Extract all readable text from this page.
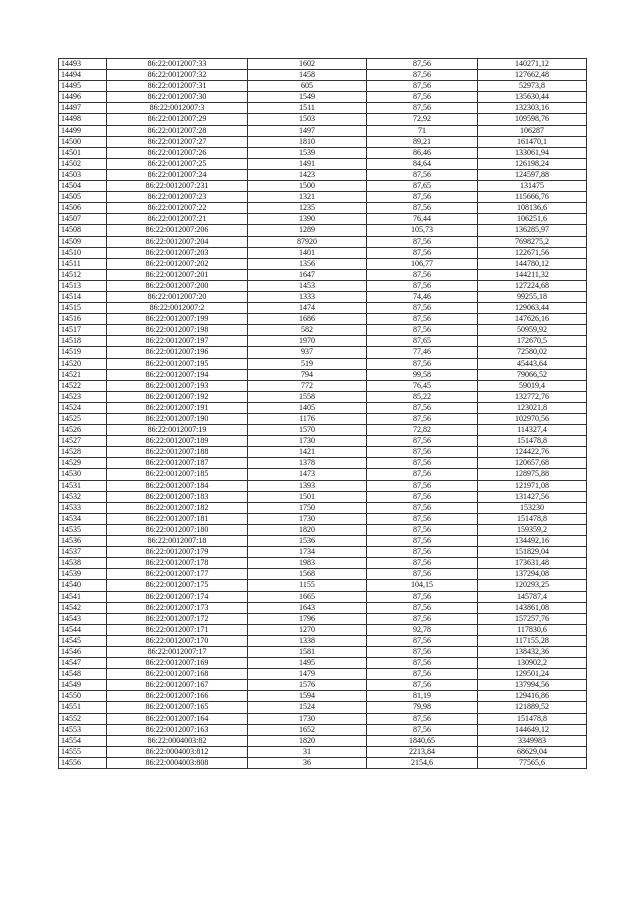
14493	86:22:0012007:33	1602	87,56	140271,12
14494	86:22:0012007:32	1458	87,56	127662,48
14495	86:22:0012007:31	605	87,56	52973,8
14496	86:22:0012007:30	1549	87,56	135630,44
14497	86:22:0012007:3	1511	87,56	132303,16
14498	86:22:0012007:29	1503	72,92	109598,76
14499	86:22:0012007:28	1497	71	106287
14500	86:22:0012007:27	1810	89,21	161470,1
14501	86:22:0012007:26	1539	86,46	133061,94
14502	86:22:0012007:25	1491	84,64	126198,24
14503	86:22:0012007:24	1423	87,56	124597,88
14504	86:22:0012007:231	1500	87,65	131475
14505	86:22:0012007:23	1321	87,56	115666,76
14506	86:22:0012007:22	1235	87,56	108136,6
14507	86:22:0012007:21	1390	76,44	106251,6
14508	86:22:0012007:206	1289	105,73	136285,97
14509	86:22:0012007:204	87920	87,56	7698275,2
14510	86:22:0012007:203	1401	87,56	122671,56
14511	86:22:0012007:202	1356	106,77	144780,12
14512	86:22:0012007:201	1647	87,56	144211,32
14513	86:22:0012007:200	1453	87,56	127224,68
14514	86:22:0012007:20	1333	74,46	99255,18
14515	86:22:0012007:2	1474	87,56	129063,44
14516	86:22:0012007:199	1686	87,56	147626,16
14517	86:22:0012007:198	582	87,56	50959,92
14518	86:22:0012007:197	1970	87,65	172670,5
14519	86:22:0012007:196	937	77,46	72580,02
14520	86:22:0012007:195	519	87,56	45443,64
14521	86:22:0012007:194	794	99,58	79066,52
14522	86:22:0012007:193	772	76,45	59019,4
14523	86:22:0012007:192	1558	85,22	132772,76
14524	86:22:0012007:191	1405	87,56	123021,8
14525	86:22:0012007:190	1176	87,56	102970,56
14526	86:22:0012007:19	1570	72,82	114327,4
14527	86:22:0012007:189	1730	87,56	151478,8
14528	86:22:0012007:188	1421	87,56	124422,76
14529	86:22:0012007:187	1378	87,56	120657,68
14530	86:22:0012007:185	1473	87,56	128975,88
14531	86:22:0012007:184	1393	87,56	121971,08
14532	86:22:0012007:183	1501	87,56	131427,56
14533	86:22:0012007:182	1750	87,56	153230
14534	86:22:0012007:181	1730	87,56	151478,8
14535	86:22:0012007:180	1820	87,56	159359,2
14536	86:22:0012007:18	1536	87,56	134492,16
14537	86:22:0012007:179	1734	87,56	151829,04
14538	86:22:0012007:178	1983	87,56	173631,48
14539	86:22:0012007:177	1568	87,56	137294,08
14540	86:22:0012007:175	1155	104,15	120293,25
14541	86:22:0012007:174	1665	87,56	145787,4
14542	86:22:0012007:173	1643	87,56	143861,08
14543	86:22:0012007:172	1796	87,56	157257,76
14544	86:22:0012007:171	1270	92,78	117830,6
14545	86:22:0012007:170	1338	87,56	117155,28
14546	86:22:0012007:17	1581	87,56	138432,36
14547	86:22:0012007:169	1495	87,56	130902,2
14548	86:22:0012007:168	1479	87,56	129501,24
14549	86:22:0012007:167	1576	87,56	137994,56
14550	86:22:0012007:166	1594	81,19	129416,86
14551	86:22:0012007:165	1524	79,98	121889,52
14552	86:22:0012007:164	1730	87,56	151478,8
14553	86:22:0012007:163	1652	87,56	144649,12
14554	86:22:0004003:82	1820	1840,65	3349983
14555	86:22:0004003:812	31	2213,84	68629,04
14556	86:22:0004003:808	36	2154,6	77565,6
